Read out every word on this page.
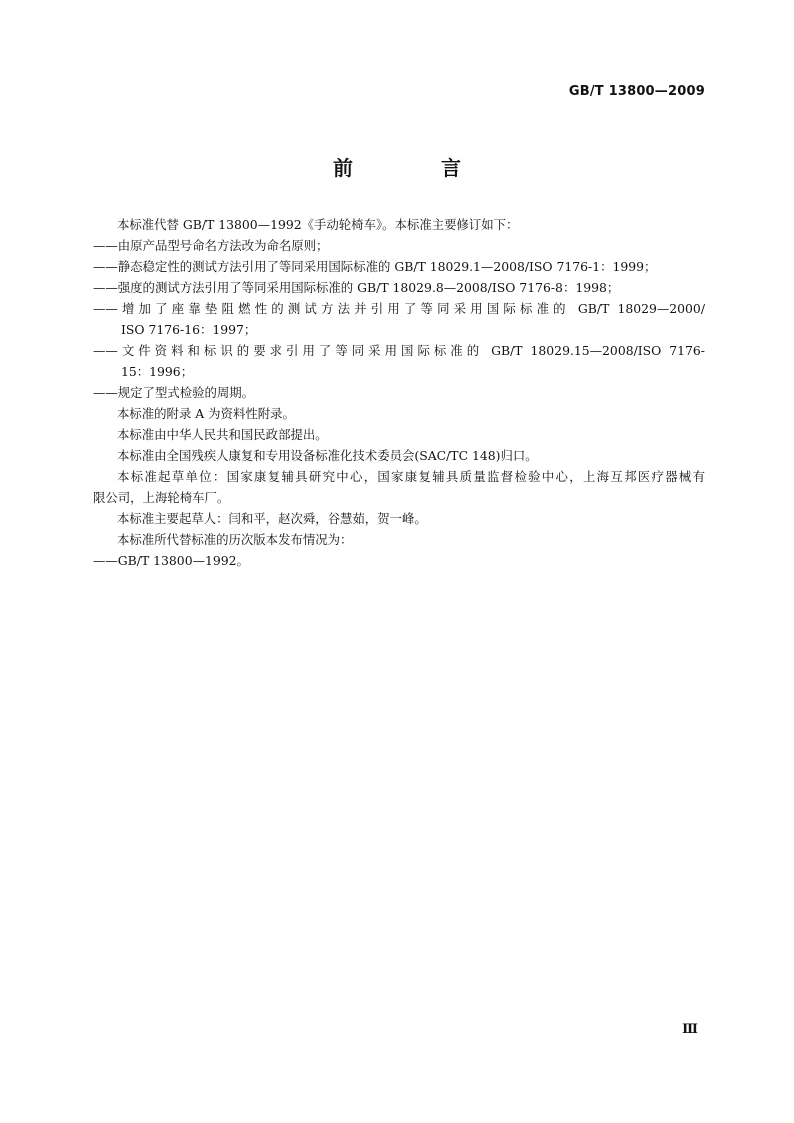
GB/T 13800—2009
前　言

本标准代替 GB/T 13800—1992《手动轮椅车》。本标准主要修订如下：

——由原产品型号命名方法改为命名原则；

——静态稳定性的测试方法引用了等同采用国际标准的 GB/T 18029.1—2008/ISO 7176-1：1999；

——强度的测试方法引用了等同采用国际标准的 GB/T 18029.8—2008/ISO 7176-8：1998；

——增加了座靠垫阻燃性的测试方法并引用了等同采用国际标准的 GB/T 18029—2000/

ISO 7176-16：1997；

——文件资料和标识的要求引用了等同采用国际标准的 GB/T 18029.15—2008/ISO 7176-

15：1996；

——规定了型式检验的周期。

本标准的附录 A 为资料性附录。

本标准由中华人民共和国民政部提出。

本标准由全国残疾人康复和专用设备标准化技术委员会(SAC/TC 148)归口。

本标准起草单位：国家康复辅具研究中心，国家康复辅具质量监督检验中心，上海互邦医疗器械有

限公司，上海轮椅车厂。

本标准主要起草人：闫和平，赵次舜，谷慧茹，贺一峰。

本标准所代替标准的历次版本发布情况为：

——GB/T 13800—1992。

Ⅲ
